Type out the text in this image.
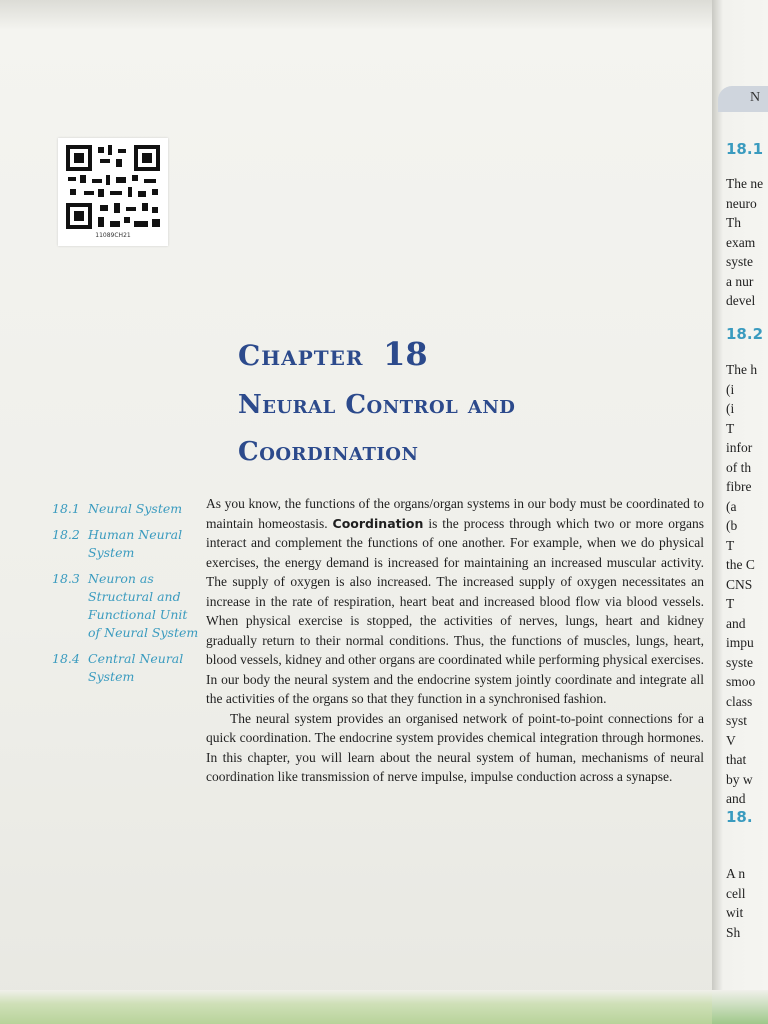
11089CH21
Chapter 18
Neural Control and
Coordination
18.1 Neural System
18.2 Human Neural System
18.3 Neuron as Structural and Functional Unit of Neural System
18.4 Central Neural System

As you know, the functions of the organs/organ systems in our body must be coordinated to maintain homeostasis. Coordination is the process through which two or more organs interact and complement the functions of one another. For example, when we do physical exercises, the energy demand is increased for maintaining an increased muscular activity. The supply of oxygen is also increased. The increased supply of oxygen necessitates an increase in the rate of respiration, heart beat and increased blood flow via blood vessels. When physical exercise is stopped, the activities of nerves, lungs, heart and kidney gradually return to their normal conditions. Thus, the functions of muscles, lungs, heart, blood vessels, kidney and other organs are coordinated while performing physical exercises. In our body the neural system and the endocrine system jointly coordinate and integrate all the activities of the organs so that they function in a synchronised fashion.

The neural system provides an organised network of point-to-point connections for a quick coordination. The endocrine system provides chemical integration through hormones. In this chapter, you will learn about the neural system of human, mechanisms of neural coordination like transmission of nerve impulse, impulse conduction across a synapse.

N
18.1
The ne
neuro
Th
exam
syste
a nur
devel
18.2
The h
(i
(i
T
infor
of th
fibre
(a
(b
T
the C
CNS
T
and
impu
syste
smoo
class
syst
V
that
by w
and
18.
A n
cell
wit
Sh
